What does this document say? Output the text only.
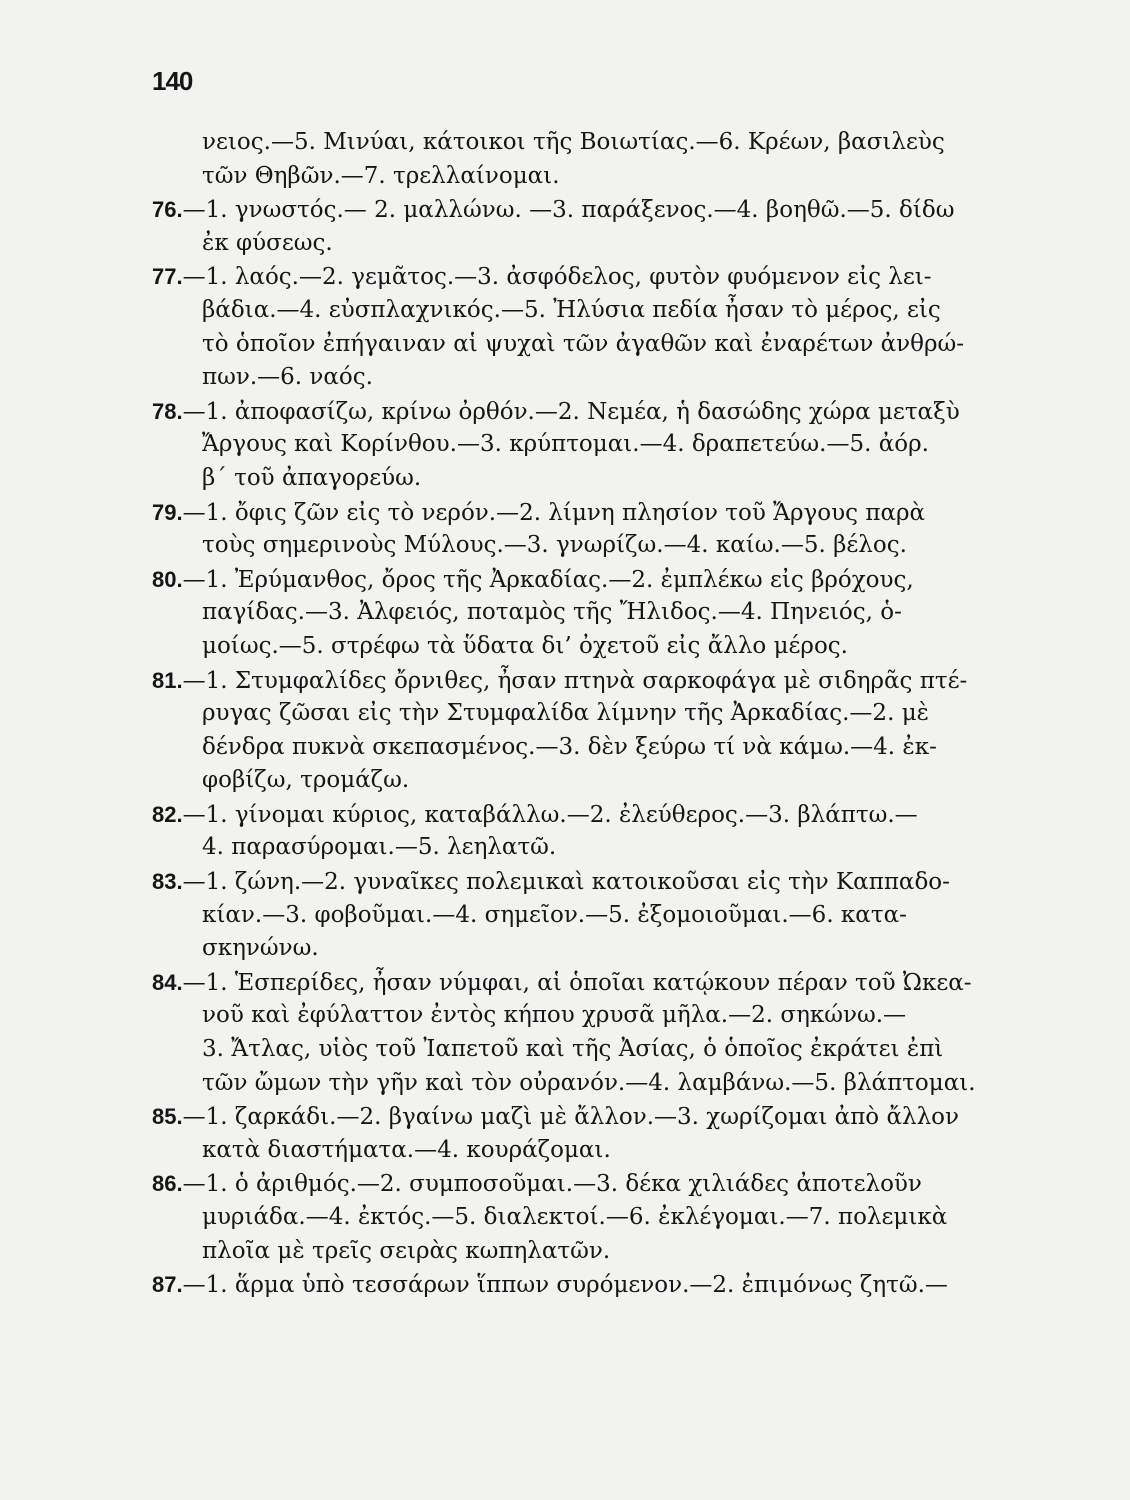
140
νειος.—5. Μινύαι, κάτοικοι τῆς Βοιωτίας.—6. Κρέων, βασιλεὺς
τῶν Θηβῶν.—7. τρελλαίνομαι.
76.—1. γνωστός.— 2. μαλλώνω. —3. παράξενος.—4. βοηθῶ.—5. δίδω
ἐκ φύσεως.
77.—1. λαός.—2. γεμᾶτος.—3. ἀσφόδελος, φυτὸν φυόμενον εἰς λει-
βάδια.—4. εὐσπλαχνικός.—5. Ἠλύσια πεδία ἦσαν τὸ μέρος, εἰς
τὸ ὁποῖον ἐπήγαιναν αἱ ψυχαὶ τῶν ἀγαθῶν καὶ ἐναρέτων ἀνθρώ-
πων.—6. ναός.
78.—1. ἀποφασίζω, κρίνω ὀρθόν.—2. Νεμέα, ἡ δασώδης χώρα μεταξὺ
Ἄργους καὶ Κορίνθου.—3. κρύπτομαι.—4. δραπετεύω.—5. ἀόρ.
β΄ τοῦ ἀπαγορεύω.
79.—1. ὄφις ζῶν εἰς τὸ νερόν.—2. λίμνη πλησίον τοῦ Ἄργους παρὰ
τοὺς σημερινοὺς Μύλους.—3. γνωρίζω.—4. καίω.—5. βέλος.
80.—1. Ἐρύμανθος, ὄρος τῆς Ἀρκαδίας.—2. ἐμπλέκω εἰς βρόχους,
παγίδας.—3. Ἀλφειός, ποταμὸς τῆς Ἤλιδος.—4. Πηνειός, ὁ-
μοίως.—5. στρέφω τὰ ὕδατα δι’ ὀχετοῦ εἰς ἄλλο μέρος.
81.—1. Στυμφαλίδες ὄρνιθες, ἦσαν πτηνὰ σαρκοφάγα μὲ σιδηρᾶς πτέ-
ρυγας ζῶσαι εἰς τὴν Στυμφαλίδα λίμνην τῆς Ἀρκαδίας.—2. μὲ
δένδρα πυκνὰ σκεπασμένος.—3. δὲν ξεύρω τί νὰ κάμω.—4. ἐκ-
φοβίζω, τρομάζω.
82.—1. γίνομαι κύριος, καταβάλλω.—2. ἐλεύθερος.—3. βλάπτω.—
4. παρασύρομαι.—5. λεηλατῶ.
83.—1. ζώνη.—2. γυναῖκες πολεμικαὶ κατοικοῦσαι εἰς τὴν Καππαδο-
κίαν.—3. φοβοῦμαι.—4. σημεῖον.—5. ἐξομοιοῦμαι.—6. κατα-
σκηνώνω.
84.—1. Ἑσπερίδες, ἦσαν νύμφαι, αἱ ὁποῖαι κατῴκουν πέραν τοῦ Ὠκεα-
νοῦ καὶ ἐφύλαττον ἐντὸς κήπου χρυσᾶ μῆλα.—2. σηκώνω.—
3. Ἄτλας, υἱὸς τοῦ Ἰαπετοῦ καὶ τῆς Ἀσίας, ὁ ὁποῖος ἐκράτει ἐπὶ
τῶν ὤμων τὴν γῆν καὶ τὸν οὐρανόν.—4. λαμβάνω.—5. βλάπτομαι.
85.—1. ζαρκάδι.—2. βγαίνω μαζὶ μὲ ἄλλον.—3. χωρίζομαι ἀπὸ ἄλλον
κατὰ διαστήματα.—4. κουράζομαι.
86.—1. ὁ ἀριθμός.—2. συμποσοῦμαι.—3. δέκα χιλιάδες ἀποτελοῦν
μυριάδα.—4. ἐκτός.—5. διαλεκτοί.—6. ἐκλέγομαι.—7. πολεμικὰ
πλοῖα μὲ τρεῖς σειρὰς κωπηλατῶν.
87.—1. ἅρμα ὑπὸ τεσσάρων ἵππων συρόμενον.—2. ἐπιμόνως ζητῶ.—
